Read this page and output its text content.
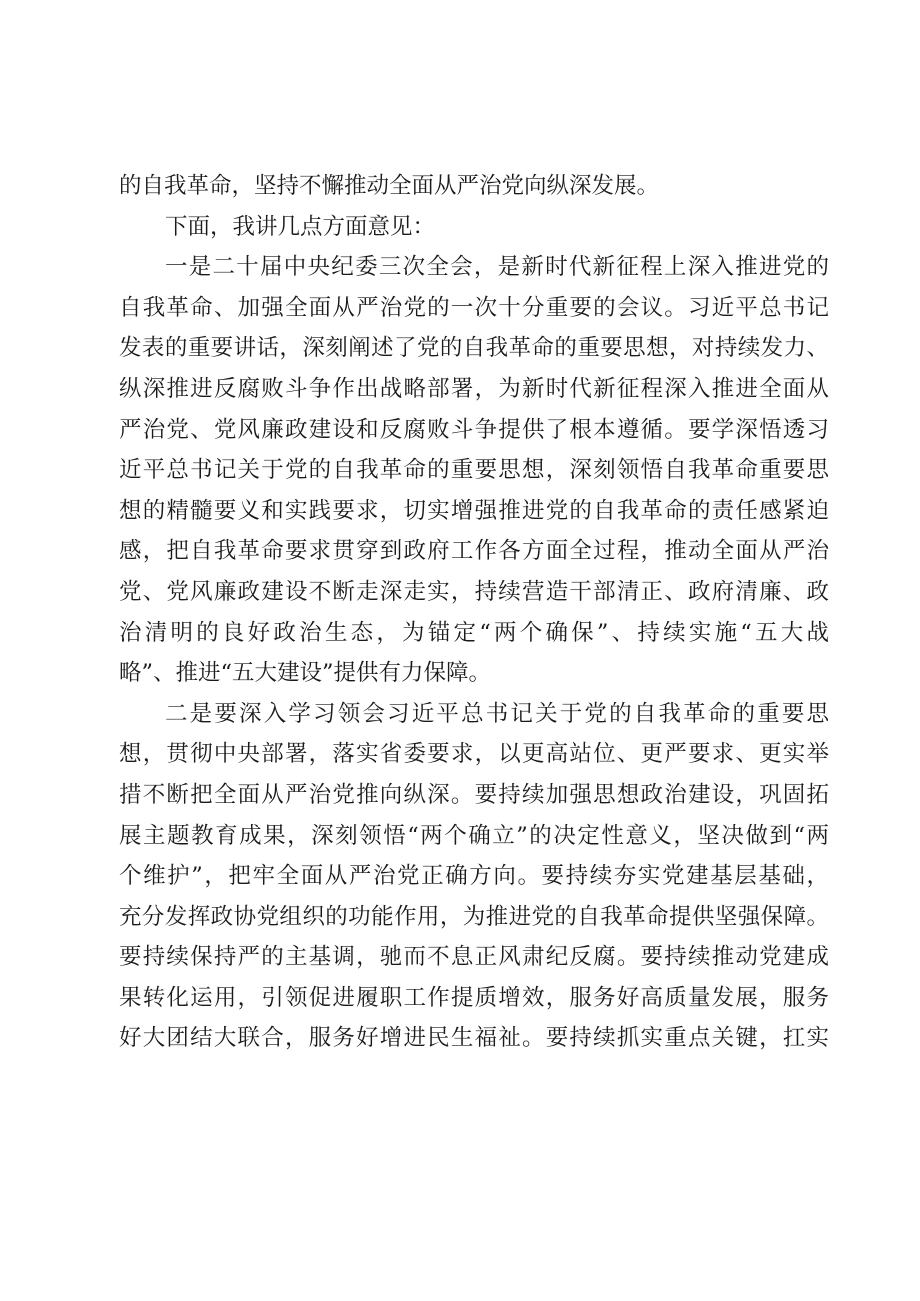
的自我革命，坚持不懈推动全面从严治党向纵深发展。
下面，我讲几点方面意见：
一是二十届中央纪委三次全会，是新时代新征程上深入推进党的
自我革命、加强全面从严治党的一次十分重要的会议。习近平总书记
发表的重要讲话，深刻阐述了党的自我革命的重要思想，对持续发力、
纵深推进反腐败斗争作出战略部署，为新时代新征程深入推进全面从
严治党、党风廉政建设和反腐败斗争提供了根本遵循。要学深悟透习
近平总书记关于党的自我革命的重要思想，深刻领悟自我革命重要思
想的精髓要义和实践要求，切实增强推进党的自我革命的责任感紧迫
感，把自我革命要求贯穿到政府工作各方面全过程，推动全面从严治
党、党风廉政建设不断走深走实，持续营造干部清正、政府清廉、政
治清明的良好政治生态，为锚定“两个确保”、持续实施“五大战
略”、推进“五大建设”提供有力保障。
二是要深入学习领会习近平总书记关于党的自我革命的重要思
想，贯彻中央部署，落实省委要求，以更高站位、更严要求、更实举
措不断把全面从严治党推向纵深。要持续加强思想政治建设，巩固拓
展主题教育成果，深刻领悟“两个确立”的决定性意义，坚决做到“两
个维护”，把牢全面从严治党正确方向。要持续夯实党建基层基础，
充分发挥政协党组织的功能作用，为推进党的自我革命提供坚强保障。
要持续保持严的主基调，驰而不息正风肃纪反腐。要持续推动党建成
果转化运用，引领促进履职工作提质增效，服务好高质量发展，服务
好大团结大联合，服务好增进民生福祉。要持续抓实重点关键，扛实
